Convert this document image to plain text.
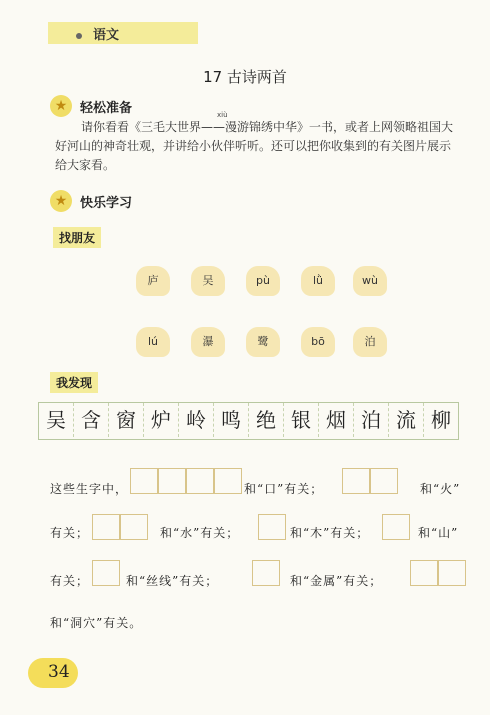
语文
17 古诗两首
★ 轻松准备	xiù
请你看看《三毛大世界——漫游锦绣中华》一书，或者上网领略祖国大
好河山的神奇壮观，并讲给小伙伴听听。还可以把你收集到的有关图片展示
给大家看。
★ 快乐学习
找朋友
庐	吴	pù	lǜ	wù
lú	瀑	鹭	bō	泊
我发现
吴 含 窗 炉 岭 鸣 绝 银 烟 泊 流 柳
这些生字中，	和“口”有关；	和“火”
有关；	和“水”有关；	和“木”有关；	和“山”
有关；	和“丝线”有关；	和“金属”有关；
和“洞穴”有关。
34
